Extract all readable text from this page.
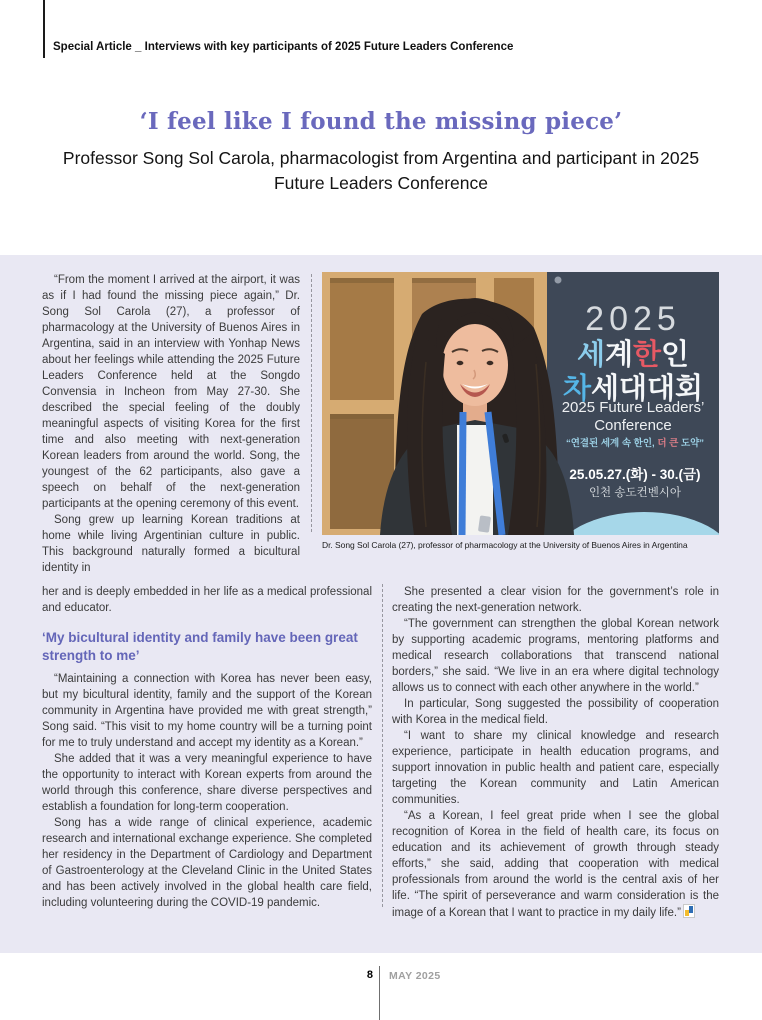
Special Article _ Interviews with key participants of 2025 Future Leaders Conference
‘I feel like I found the missing piece’
Professor Song Sol Carola, pharmacologist from Argentina and participant in 2025 Future Leaders Conference

“From the moment I arrived at the airport, it was as if I had found the missing piece again,” Dr. Song Sol Carola (27), a professor of pharmacology at the University of Buenos Aires in Argentina, said in an interview with Yonhap News about her feelings while attending the 2025 Future Leaders Conference held at the Songdo Convensia in Incheon from May 27-30. She described the special feeling of the doubly meaningful aspects of visiting Korea for the first time and also meeting with next-generation Korean leaders from around the world. Song, the youngest of the 62 participants, also gave a speech on behalf of the next-generation participants at the opening ceremony of this event.

Song grew up learning Korean traditions at home while living Argentinian culture in public. This background naturally formed a bicultural identity in

2025
세계한인
차세대대회
2025 Future Leaders’
Conference
“연결된 세계 속 한인, 더 큰 도약”
25.05.27.(화) - 30.(금)
인천 송도컨벤시아
Dr. Song Sol Carola (27), professor of pharmacology at the University of Buenos Aires in Argentina

her and is deeply embedded in her life as a medical professional and educator.

‘My bicultural identity and family have been great strength to me’

“Maintaining a connection with Korea has never been easy, but my bicultural identity, family and the support of the Korean community in Argentina have provided me with great strength,” Song said. “This visit to my home country will be a turning point for me to truly understand and accept my identity as a Korean.”

She added that it was a very meaningful experience to have the opportunity to interact with Korean experts from around the world through this conference, share diverse perspectives and establish a foundation for long-term cooperation.

Song has a wide range of clinical experience, academic research and international exchange experience. She completed her residency in the Department of Cardiology and Department of Gastroenterology at the Cleveland Clinic in the United States and has been actively involved in the global health care field, including volunteering during the COVID-19 pandemic.

She presented a clear vision for the government’s role in creating the next-generation network.

“The government can strengthen the global Korean network by supporting academic programs, mentoring platforms and medical research collaborations that transcend national borders,” she said. “We live in an era where digital technology allows us to connect with each other anywhere in the world.”

In particular, Song suggested the possibility of cooperation with Korea in the medical field.

“I want to share my clinical knowledge and research experience, participate in health education programs, and support innovation in public health and patient care, especially targeting the Korean community and Latin American communities.

“As a Korean, I feel great pride when I see the global recognition of Korea in the field of health care, its focus on education and its achievement of growth through steady efforts,” she said, adding that cooperation with medical professionals from around the world is the central axis of her life. “The spirit of perseverance and warm consideration is the image of a Korean that I want to practice in my daily life.”

8 MAY 2025
